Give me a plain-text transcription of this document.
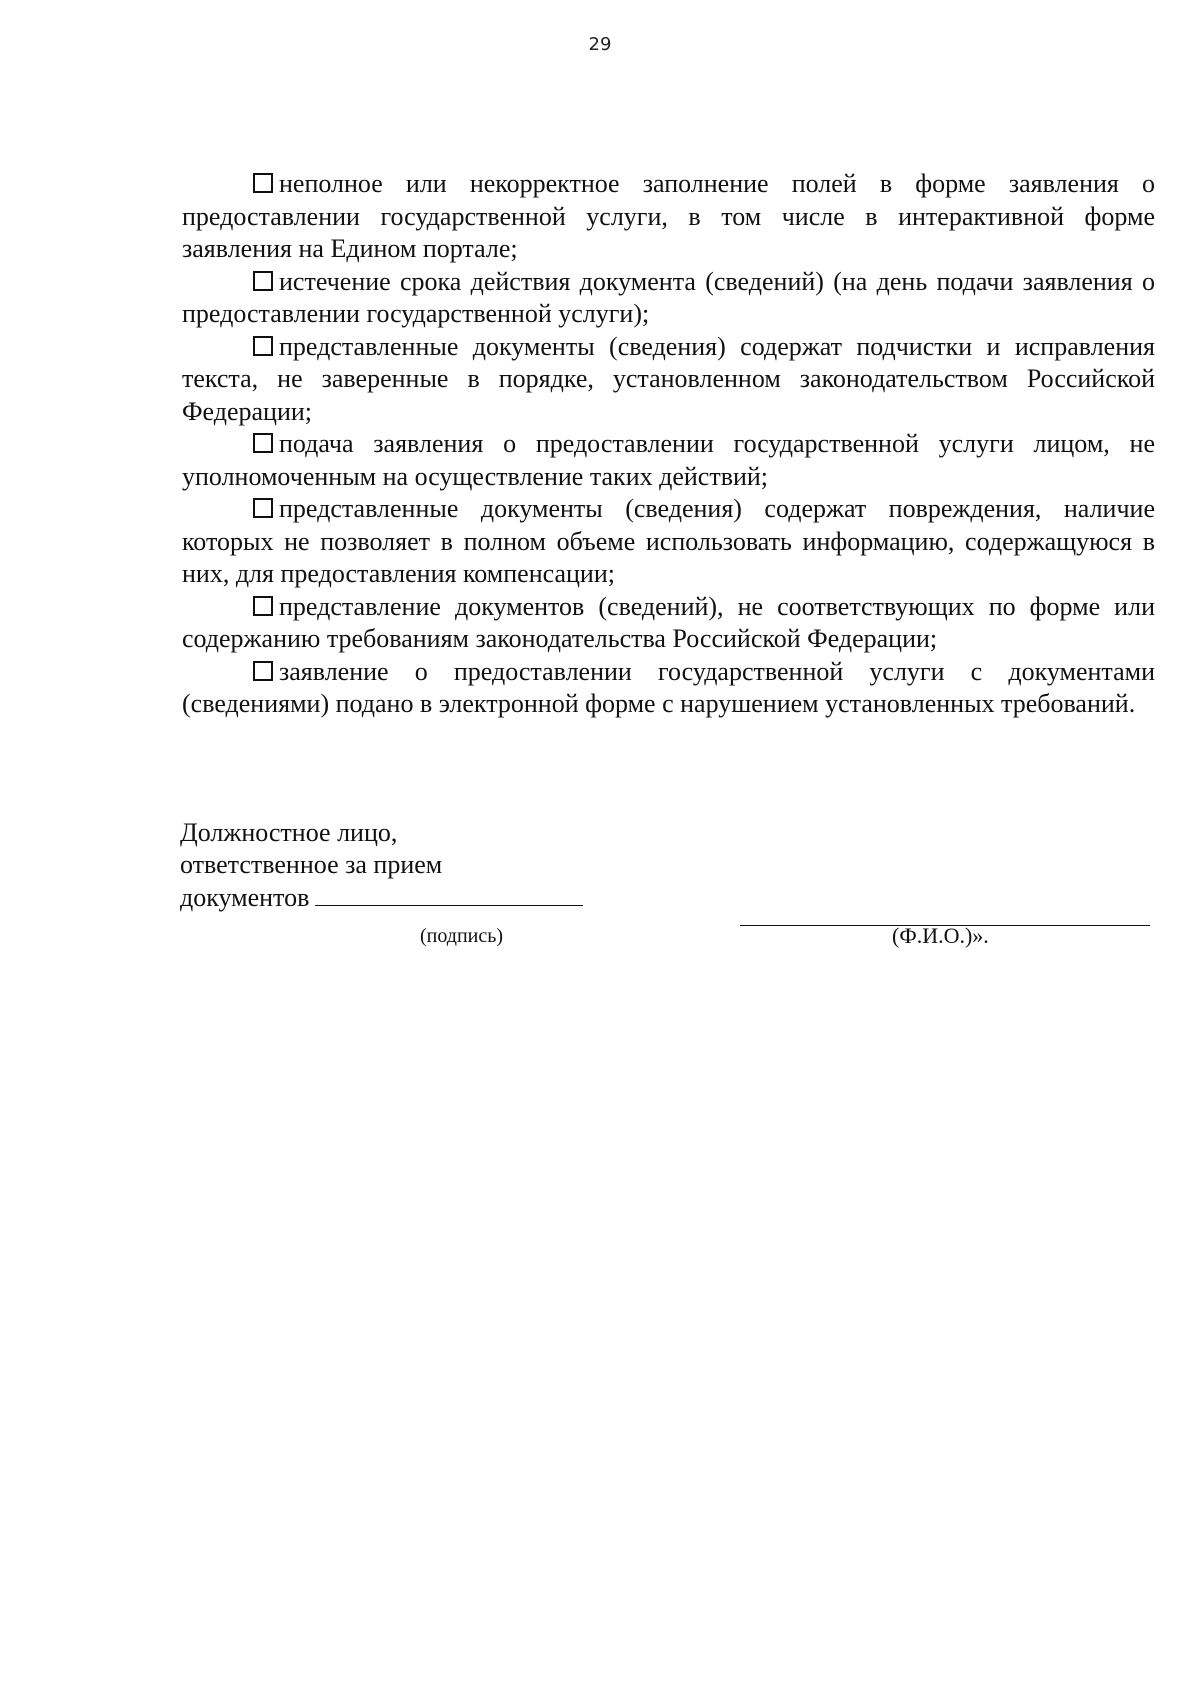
29

неполное или некорректное заполнение полей в форме заявления о предоставлении государственной услуги, в том числе в интерактивной форме заявления на Едином портале;

истечение срока действия документа (сведений) (на день подачи заявления о предоставлении государственной услуги);

представленные документы (сведения) содержат подчистки и исправления текста, не заверенные в порядке, установленном законодательством Российской Федерации;

подача заявления о предоставлении государственной услуги лицом, не уполномоченным на осуществление таких действий;

представленные документы (сведения) содержат повреждения, наличие которых не позволяет в полном объеме использовать информацию, содержащуюся в них, для предоставления компенсации;

представление документов (сведений), не соответствующих по форме или содержанию требованиям законодательства Российской Федерации;

заявление о предоставлении государственной услуги с документами (сведениями) подано в электронной форме с нарушением установленных требований.

Должностное лицо,
ответственное за прием
документов
(подпись)	(Ф.И.О.)».
